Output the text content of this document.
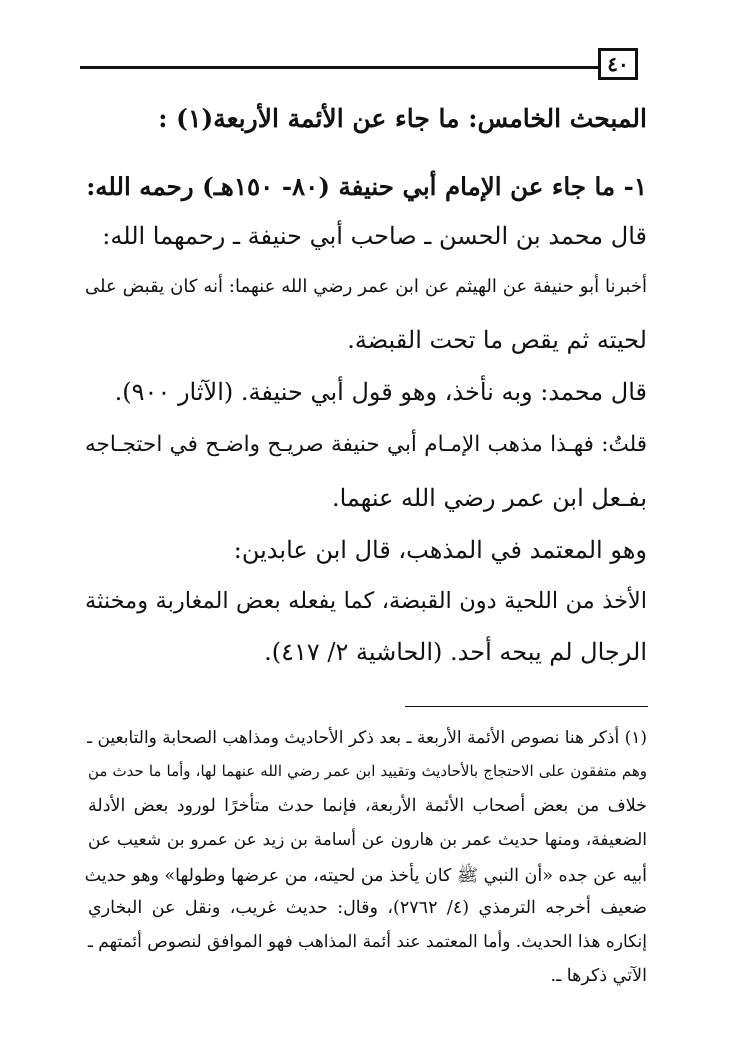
٤٠
المبحث الخامس: ما جاء عن الأئمة الأربعة(١) :
١- ما جاء عن الإمام أبي حنيفة (٨٠- ١٥٠هـ) رحمه الله:
قال محمد بن الحسن ـ صاحب أبي حنيفة ـ رحمهما الله:
أخبرنا أبو حنيفة عن الهيثم عن ابن عمر رضي الله عنهما: أنه كان يقبض على
لحيته ثم يقص ما تحت القبضة.
قال محمد: وبه نأخذ، وهو قول أبي حنيفة. (الآثار ٩٠٠).
قلتُ: فهـذا مذهب الإمـام أبي حنيفة صريـح واضـح في احتجـاجه
بفـعل ابن عمر رضي الله عنهما.
وهو المعتمد في المذهب، قال ابن عابدين:
الأخذ من اللحية دون القبضة، كما يفعله بعض المغاربة ومخنثة
الرجال لم يبحه أحد. (الحاشية ٢/ ٤١٧).
(١) أذكر هنا نصوص الأئمة الأربعة ـ بعد ذكر الأحاديث ومذاهب الصحابة والتابعين ـ
وهم متفقون على الاحتجاج بالأحاديث وتقييد ابن عمر رضي الله عنهما لها، وأما ما حدث من
خلاف من بعض أصحاب الأئمة الأربعة، فإنما حدث متأخرًا لورود بعض الأدلة
الضعيفة، ومنها حديث عمر بن هارون عن أسامة بن زيد عن عمرو بن شعيب عن
أبيه عن جده «أن النبي ﷺ كان يأخذ من لحيته، من عرضها وطولها» وهو حديث
ضعيف أخرجه الترمذي (٤/ ٢٧٦٢)، وقال: حديث غريب، ونقل عن البخاري
إنكاره هذا الحديث. وأما المعتمد عند أئمة المذاهب فهو الموافق لنصوص أئمتهم ـ
الآتي ذكرها ـ.
